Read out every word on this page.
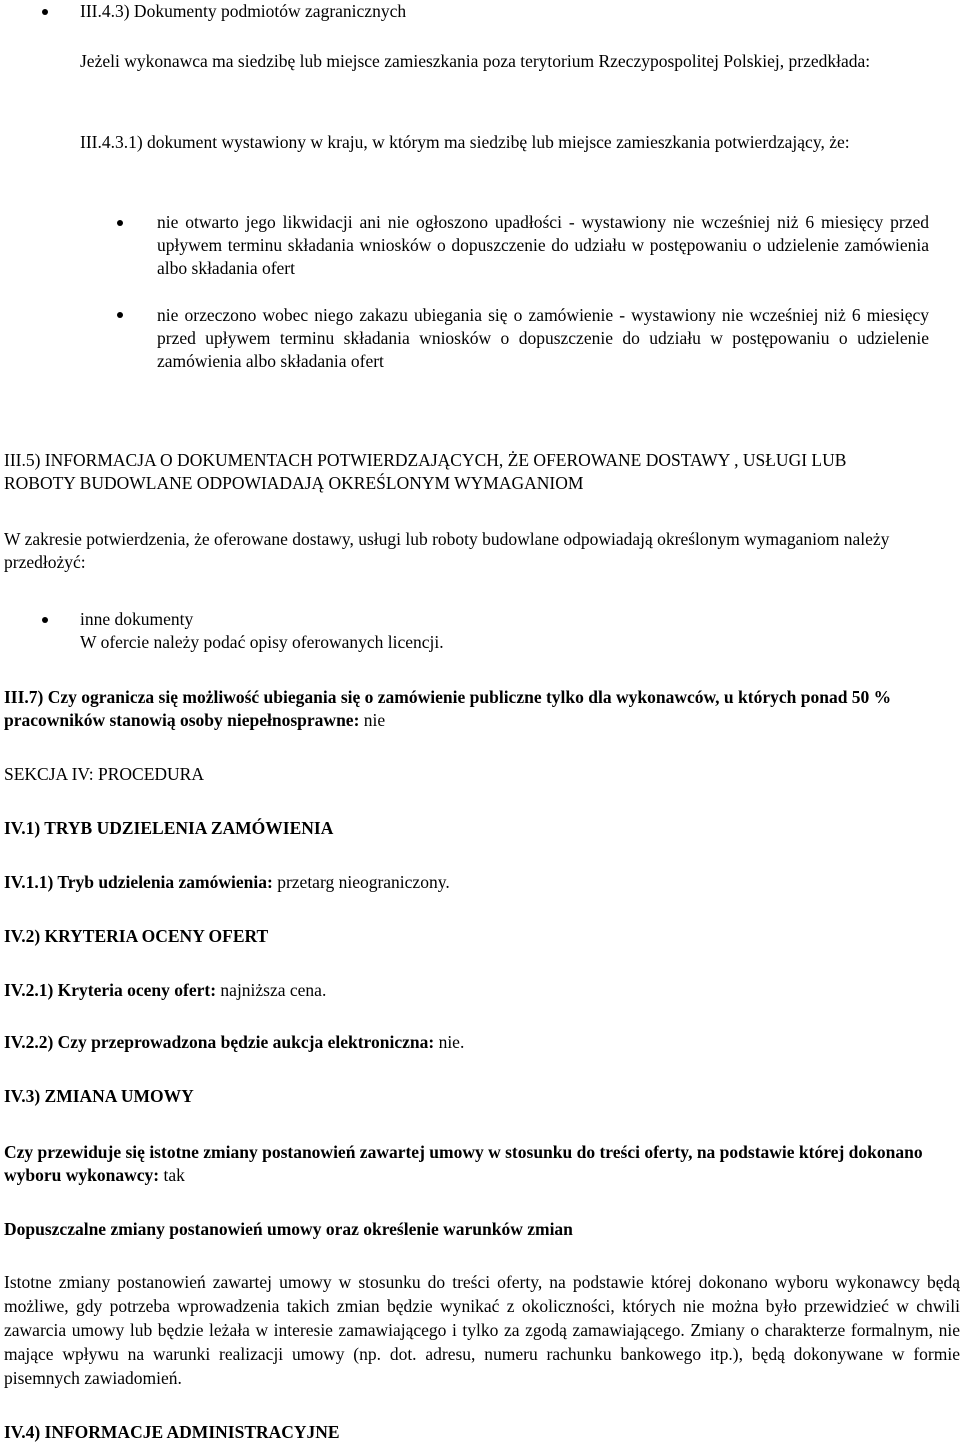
III.4.3) Dokumenty podmiotów zagranicznych

Jeżeli wykonawca ma siedzibę lub miejsce zamieszkania poza terytorium Rzeczypospolitej Polskiej, przedkłada:

III.4.3.1) dokument wystawiony w kraju, w którym ma siedzibę lub miejsce zamieszkania potwierdzający, że:

nie otwarto jego likwidacji ani nie ogłoszono upadłości - wystawiony nie wcześniej niż 6 miesięcy przed upływem terminu składania wniosków o dopuszczenie do udziału w postępowaniu o udzielenie zamówienia albo składania ofert

nie orzeczono wobec niego zakazu ubiegania się o zamówienie - wystawiony nie wcześniej niż 6 miesięcy przed upływem terminu składania wniosków o dopuszczenie do udziału w postępowaniu o udzielenie zamówienia albo składania ofert

III.5) INFORMACJA O DOKUMENTACH POTWIERDZAJĄCYCH, ŻE OFEROWANE DOSTAWY , USŁUGI LUB ROBOTY BUDOWLANE ODPOWIADAJĄ OKREŚLONYM WYMAGANIOM

W zakresie potwierdzenia, że oferowane dostawy, usługi lub roboty budowlane odpowiadają określonym wymaganiom należy przedłożyć:

inne dokumenty

W ofercie należy podać opisy oferowanych licencji.

III.7) Czy ogranicza się możliwość ubiegania się o zamówienie publiczne tylko dla wykonawców, u których ponad 50 % pracowników stanowią osoby niepełnosprawne: nie

SEKCJA IV: PROCEDURA

IV.1) TRYB UDZIELENIA ZAMÓWIENIA

IV.1.1) Tryb udzielenia zamówienia: przetarg nieograniczony.

IV.2) KRYTERIA OCENY OFERT

IV.2.1) Kryteria oceny ofert: najniższa cena.

IV.2.2) Czy przeprowadzona będzie aukcja elektroniczna: nie.

IV.3) ZMIANA UMOWY

Czy przewiduje się istotne zmiany postanowień zawartej umowy w stosunku do treści oferty, na podstawie której dokonano wyboru wykonawcy: tak

Dopuszczalne zmiany postanowień umowy oraz określenie warunków zmian

Istotne zmiany postanowień zawartej umowy w stosunku do treści oferty, na podstawie której dokonano wyboru wykonawcy będą możliwe, gdy potrzeba wprowadzenia takich zmian będzie wynikać z okoliczności, których nie można było przewidzieć w chwili zawarcia umowy lub będzie leżała w interesie zamawiającego i tylko za zgodą zamawiającego. Zmiany o charakterze formalnym, nie mające wpływu na warunki realizacji umowy (np. dot. adresu, numeru rachunku bankowego itp.), będą dokonywane w formie pisemnych zawiadomień.

IV.4) INFORMACJE ADMINISTRACYJNE
